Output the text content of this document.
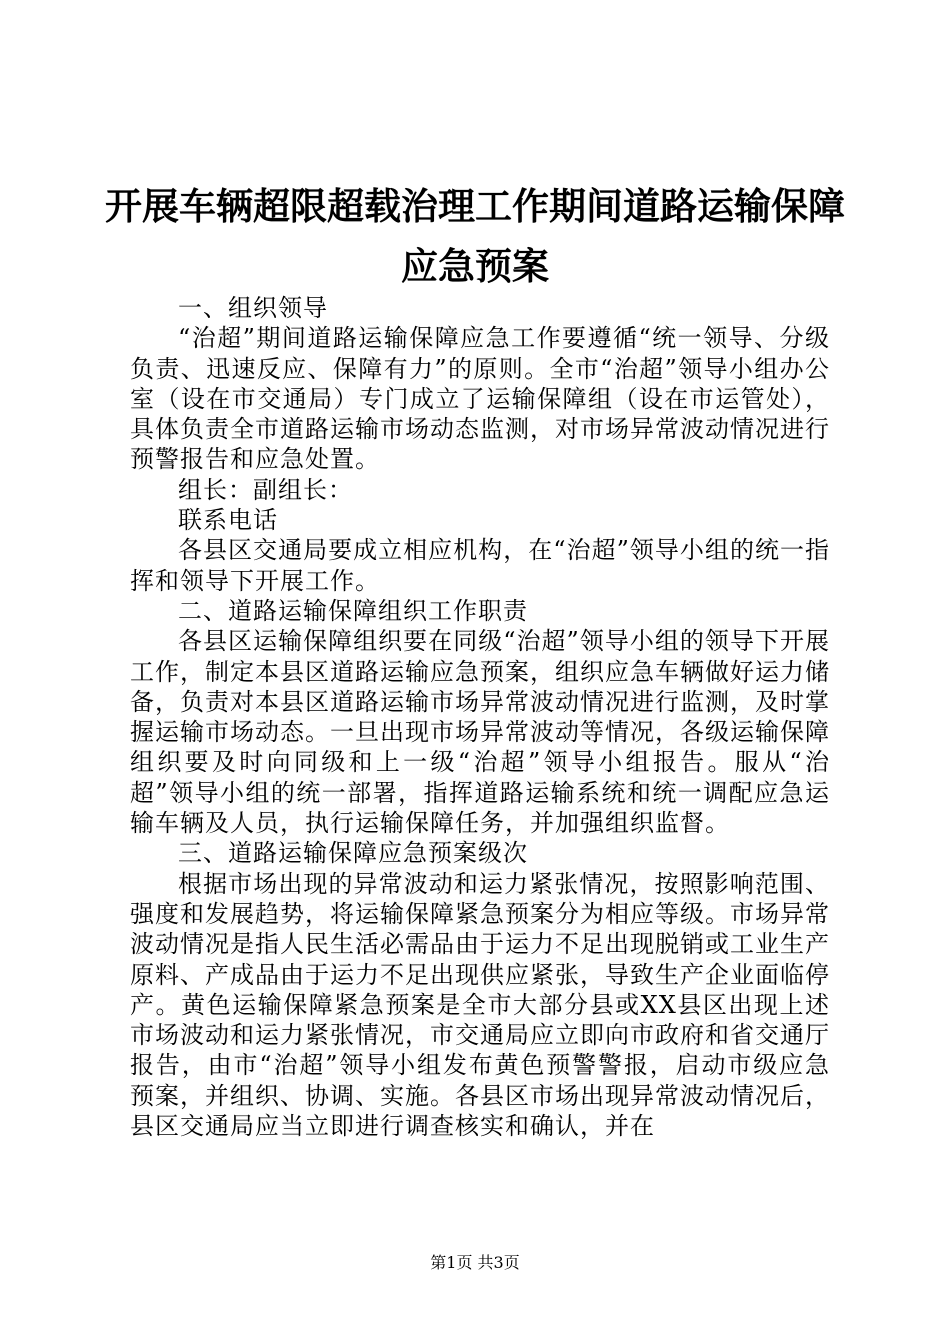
开展车辆超限超载治理工作期间道路运输保障
应急预案

一、组织领导

“治超”期间道路运输保障应急工作要遵循“统一领导、分级负责、迅速反应、保障有力”的原则。全市“治超”领导小组办公室（设在市交通局）专门成立了运输保障组（设在市运管处），具体负责全市道路运输市场动态监测，对市场异常波动情况进行预警报告和应急处置。

组长：副组长：

联系电话

各县区交通局要成立相应机构，在“治超”领导小组的统一指挥和领导下开展工作。

二、道路运输保障组织工作职责

各县区运输保障组织要在同级“治超”领导小组的领导下开展工作，制定本县区道路运输应急预案，组织应急车辆做好运力储备，负责对本县区道路运输市场异常波动情况进行监测，及时掌握运输市场动态。一旦出现市场异常波动等情况，各级运输保障组织要及时向同级和上一级“治超”领导小组报告。服从“治超”领导小组的统一部署，指挥道路运输系统和统一调配应急运输车辆及人员，执行运输保障任务，并加强组织监督。

三、道路运输保障应急预案级次

根据市场出现的异常波动和运力紧张情况，按照影响范围、强度和发展趋势，将运输保障紧急预案分为相应等级。市场异常波动情况是指人民生活必需品由于运力不足出现脱销或工业生产原料、产成品由于运力不足出现供应紧张，导致生产企业面临停产。黄色运输保障紧急预案是全市大部分县或XX县区出现上述市场波动和运力紧张情况，市交通局应立即向市政府和省交通厅报告，由市“治超”领导小组发布黄色预警警报，启动市级应急预案，并组织、协调、实施。各县区市场出现异常波动情况后，县区交通局应当立即进行调查核实和确认，并在

第1页 共3页
